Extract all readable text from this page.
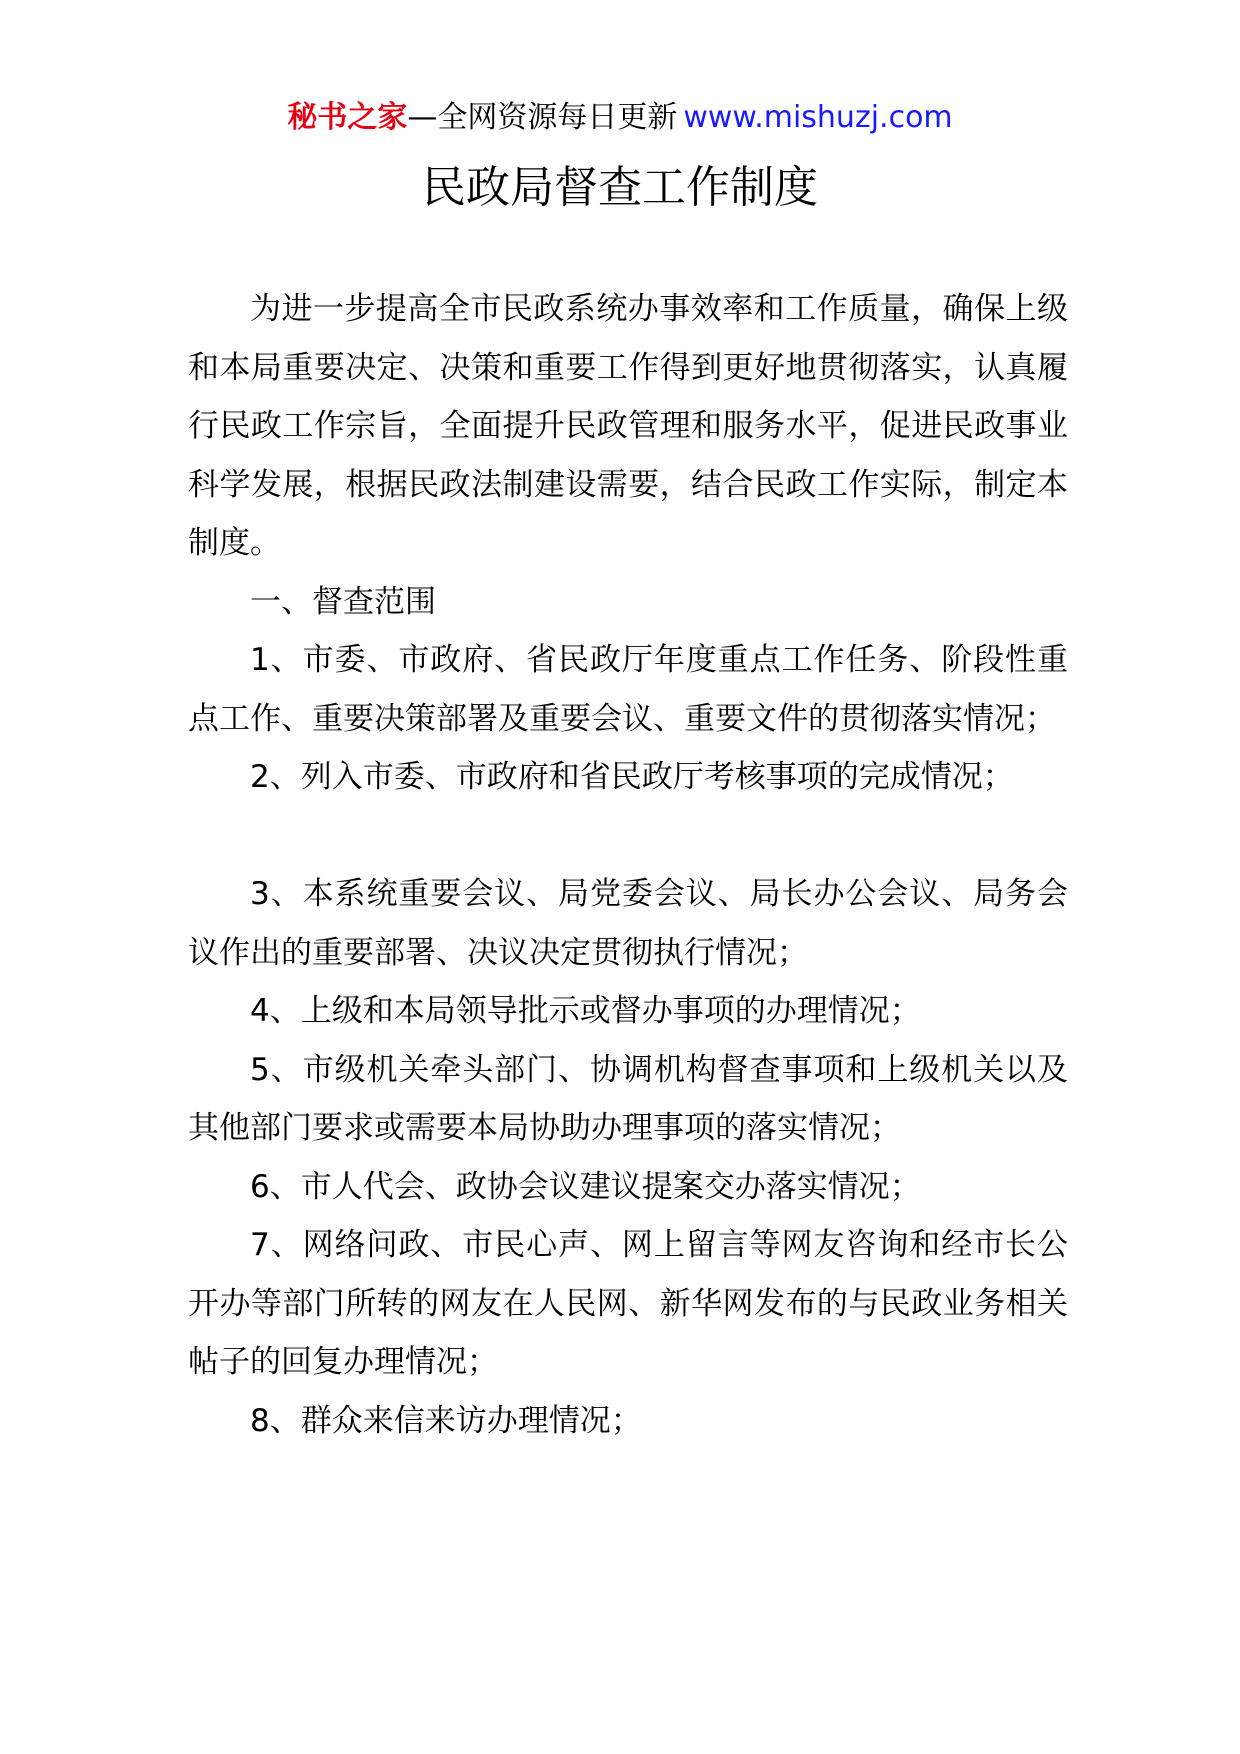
秘书之家—全网资源每日更新 www.mishuzj.com
民政局督查工作制度

为进一步提高全市民政系统办事效率和工作质量，确保上级和本局重要决定、决策和重要工作得到更好地贯彻落实，认真履行民政工作宗旨，全面提升民政管理和服务水平，促进民政事业科学发展，根据民政法制建设需要，结合民政工作实际，制定本制度。

一、督查范围

1、市委、市政府、省民政厅年度重点工作任务、阶段性重点工作、重要决策部署及重要会议、重要文件的贯彻落实情况；

2、列入市委、市政府和省民政厅考核事项的完成情况；

3、本系统重要会议、局党委会议、局长办公会议、局务会议作出的重要部署、决议决定贯彻执行情况；

4、上级和本局领导批示或督办事项的办理情况；

5、市级机关牵头部门、协调机构督查事项和上级机关以及其他部门要求或需要本局协助办理事项的落实情况；

6、市人代会、政协会议建议提案交办落实情况；

7、网络问政、市民心声、网上留言等网友咨询和经市长公开办等部门所转的网友在人民网、新华网发布的与民政业务相关帖子的回复办理情况；

8、群众来信来访办理情况；
